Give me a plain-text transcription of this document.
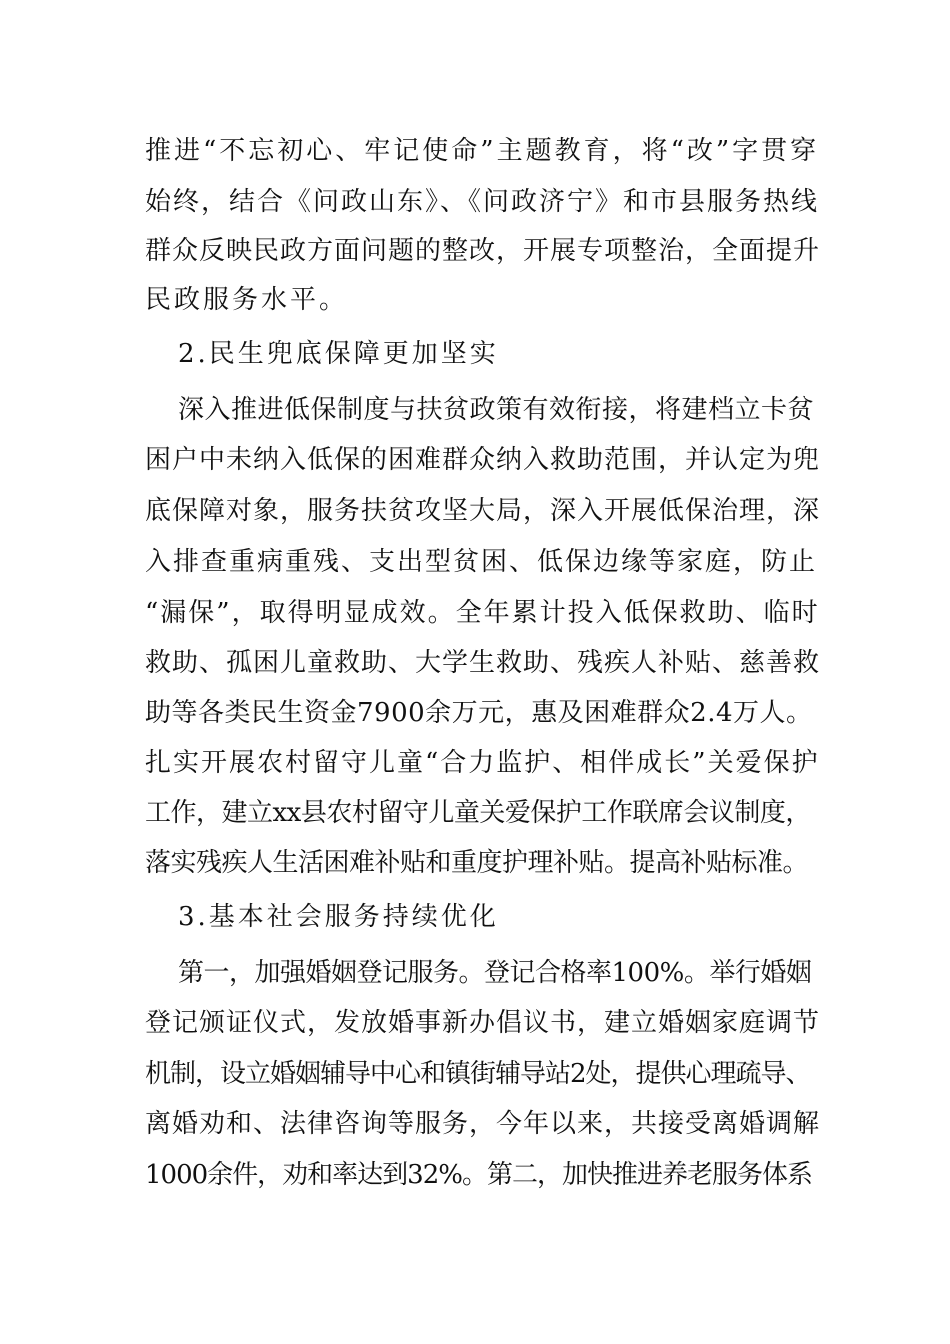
推进“不忘初心、牢记使命”主题教育，将“改”字贯穿
始终，结合《问政山东》、《问政济宁》和市县服务热线
群众反映民政方面问题的整改，开展专项整治，全面提升
民政服务水平。
2.民生兜底保障更加坚实
深入推进低保制度与扶贫政策有效衔接，将建档立卡贫
困户中未纳入低保的困难群众纳入救助范围，并认定为兜
底保障对象，服务扶贫攻坚大局，深入开展低保治理，深
入排查重病重残、支出型贫困、低保边缘等家庭，防止
“漏保”，取得明显成效。全年累计投入低保救助、临时
救助、孤困儿童救助、大学生救助、残疾人补贴、慈善救
助等各类民生资金7900余万元，惠及困难群众2.4万人。
扎实开展农村留守儿童“合力监护、相伴成长”关爱保护
工作，建立xx县农村留守儿童关爱保护工作联席会议制度，
落实残疾人生活困难补贴和重度护理补贴。提高补贴标准。
3.基本社会服务持续优化
第一，加强婚姻登记服务。登记合格率100%。举行婚姻
登记颁证仪式，发放婚事新办倡议书，建立婚姻家庭调节
机制，设立婚姻辅导中心和镇街辅导站2处，提供心理疏导、
离婚劝和、法律咨询等服务，今年以来，共接受离婚调解
1000余件，劝和率达到32%。第二，加快推进养老服务体系
